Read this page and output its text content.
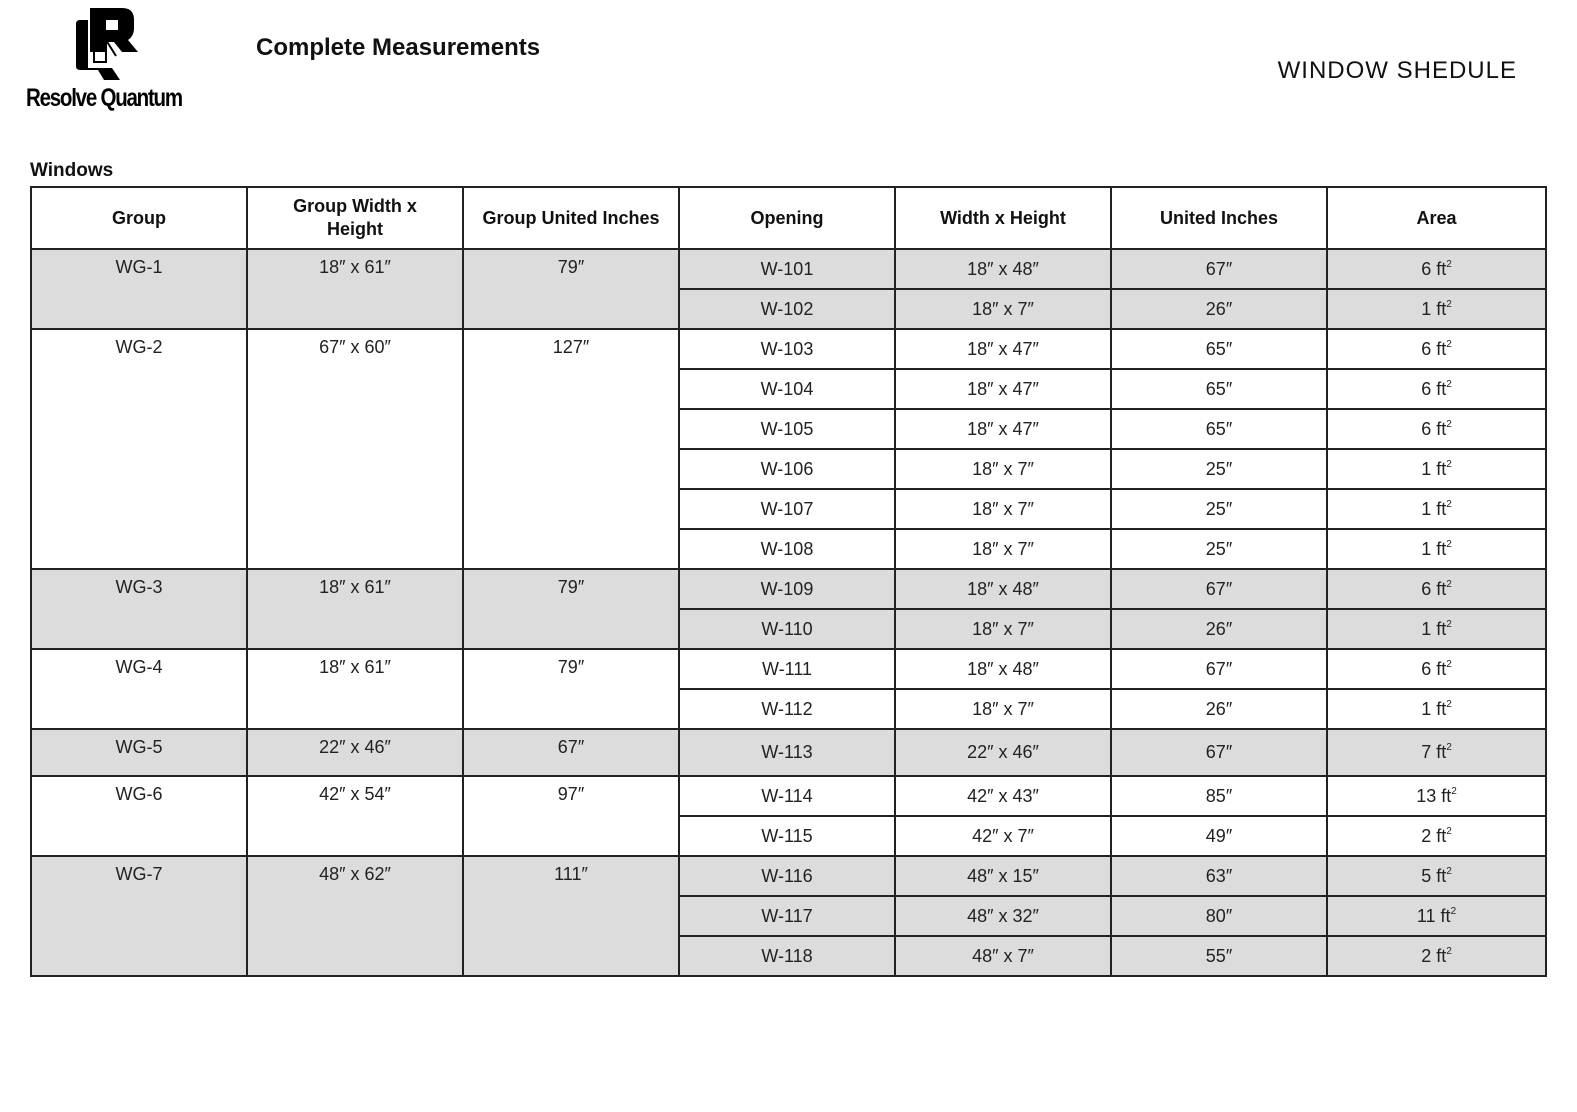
Resolve Quantum
Complete Measurements
WINDOW SHEDULE
Windows
Group	Group Width x Height	Group United Inches	Opening	Width x Height	United Inches	Area
WG-1	18″ x 61″	79″	W-101	18″ x 48″	67″	6 $ft^2$
			W-102	18″ x 7″	26″	1 $ft^2$
WG-2	67″ x 60″	127″	W-103	18″ x 47″	65″	6 $ft^2$
			W-104	18″ x 47″	65″	6 $ft^2$
			W-105	18″ x 47″	65″	6 $ft^2$
			W-106	18″ x 7″	25″	1 $ft^2$
			W-107	18″ x 7″	25″	1 $ft^2$
			W-108	18″ x 7″	25″	1 $ft^2$
WG-3	18″ x 61″	79″	W-109	18″ x 48″	67″	6 $ft^2$
			W-110	18″ x 7″	26″	1 $ft^2$
WG-4	18″ x 61″	79″	W-111	18″ x 48″	67″	6 $ft^2$
			W-112	18″ x 7″	26″	1 $ft^2$
WG-5	22″ x 46″	67″	W-113	22″ x 46″	67″	7 $ft^2$
WG-6	42″ x 54″	97″	W-114	42″ x 43″	85″	13 $ft^2$
			W-115	42″ x 7″	49″	2 $ft^2$
WG-7	48″ x 62″	111″	W-116	48″ x 15″	63″	5 $ft^2$
			W-117	48″ x 32″	80″	11 $ft^2$
			W-118	48″ x 7″	55″	2 $ft^2$
